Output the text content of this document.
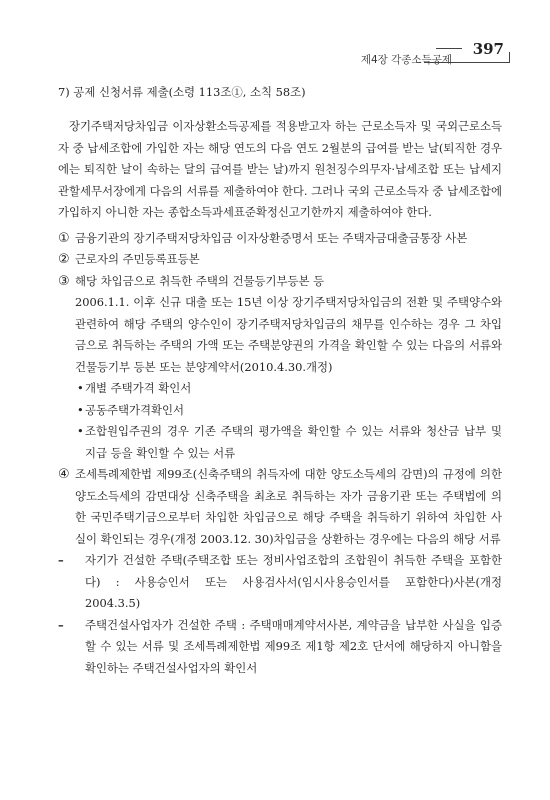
제4장 각종소득공제
397

7) 공제 신청서류 제출(소령 113조①, 소칙 58조)

장기주택저당차입금 이자상환소득공제를 적용받고자 하는 근로소득자 및 국외근로소득자 중 납세조합에 가입한 자는 해당 연도의 다음 연도 2월분의 급여를 받는 날(퇴직한 경우에는 퇴직한 날이 속하는 달의 급여를 받는 날)까지 원천징수의무자·납세조합 또는 납세지관할세무서장에게 다음의 서류를 제출하여야 한다. 그러나 국외 근로소득자 중 납세조합에 가입하지 아니한 자는 종합소득과세표준확정신고기한까지 제출하여야 한다.

① 금융기관의 장기주택저당차입금 이자상환증명서 또는 주택자금대출금통장 사본
② 근로자의 주민등록표등본
③ 해당 차입금으로 취득한 주택의 건물등기부등본 등
2006.1.1. 이후 신규 대출 또는 15년 이상 장기주택저당차입금의 전환 및 주택양수와 관련하여 해당 주택의 양수인이 장기주택저당차입금의 채무를 인수하는 경우 그 차입금으로 취득하는 주택의 가액 또는 주택분양권의 가격을 확인할 수 있는 다음의 서류와 건물등기부 등본 또는 분양계약서(2010.4.30.개정)
• 개별 주택가격 확인서
• 공동주택가격확인서
• 조합원입주권의 경우 기존 주택의 평가액을 확인할 수 있는 서류와 청산금 납부 및 지급 등을 확인할 수 있는 서류
④ 조세특례제한법 제99조(신축주택의 취득자에 대한 양도소득세의 감면)의 규정에 의한 양도소득세의 감면대상 신축주택을 최초로 취득하는 자가 금융기관 또는 주택법에 의한 국민주택기금으로부터 차입한 차입금으로 해당 주택을 취득하기 위하여 차입한 사실이 확인되는 경우(개정 2003.12. 30)차입금을 상환하는 경우에는 다음의 해당 서류
– 자기가 건설한 주택(주택조합 또는 정비사업조합의 조합원이 취득한 주택을 포함한다) : 사용승인서 또는 사용검사서(임시사용승인서를 포함한다)사본(개정 2004.3.5)
– 주택건설사업자가 건설한 주택 : 주택매매계약서사본, 계약금을 납부한 사실을 입증할 수 있는 서류 및 조세특례제한법 제99조 제1항 제2호 단서에 해당하지 아니함을 확인하는 주택건설사업자의 확인서
